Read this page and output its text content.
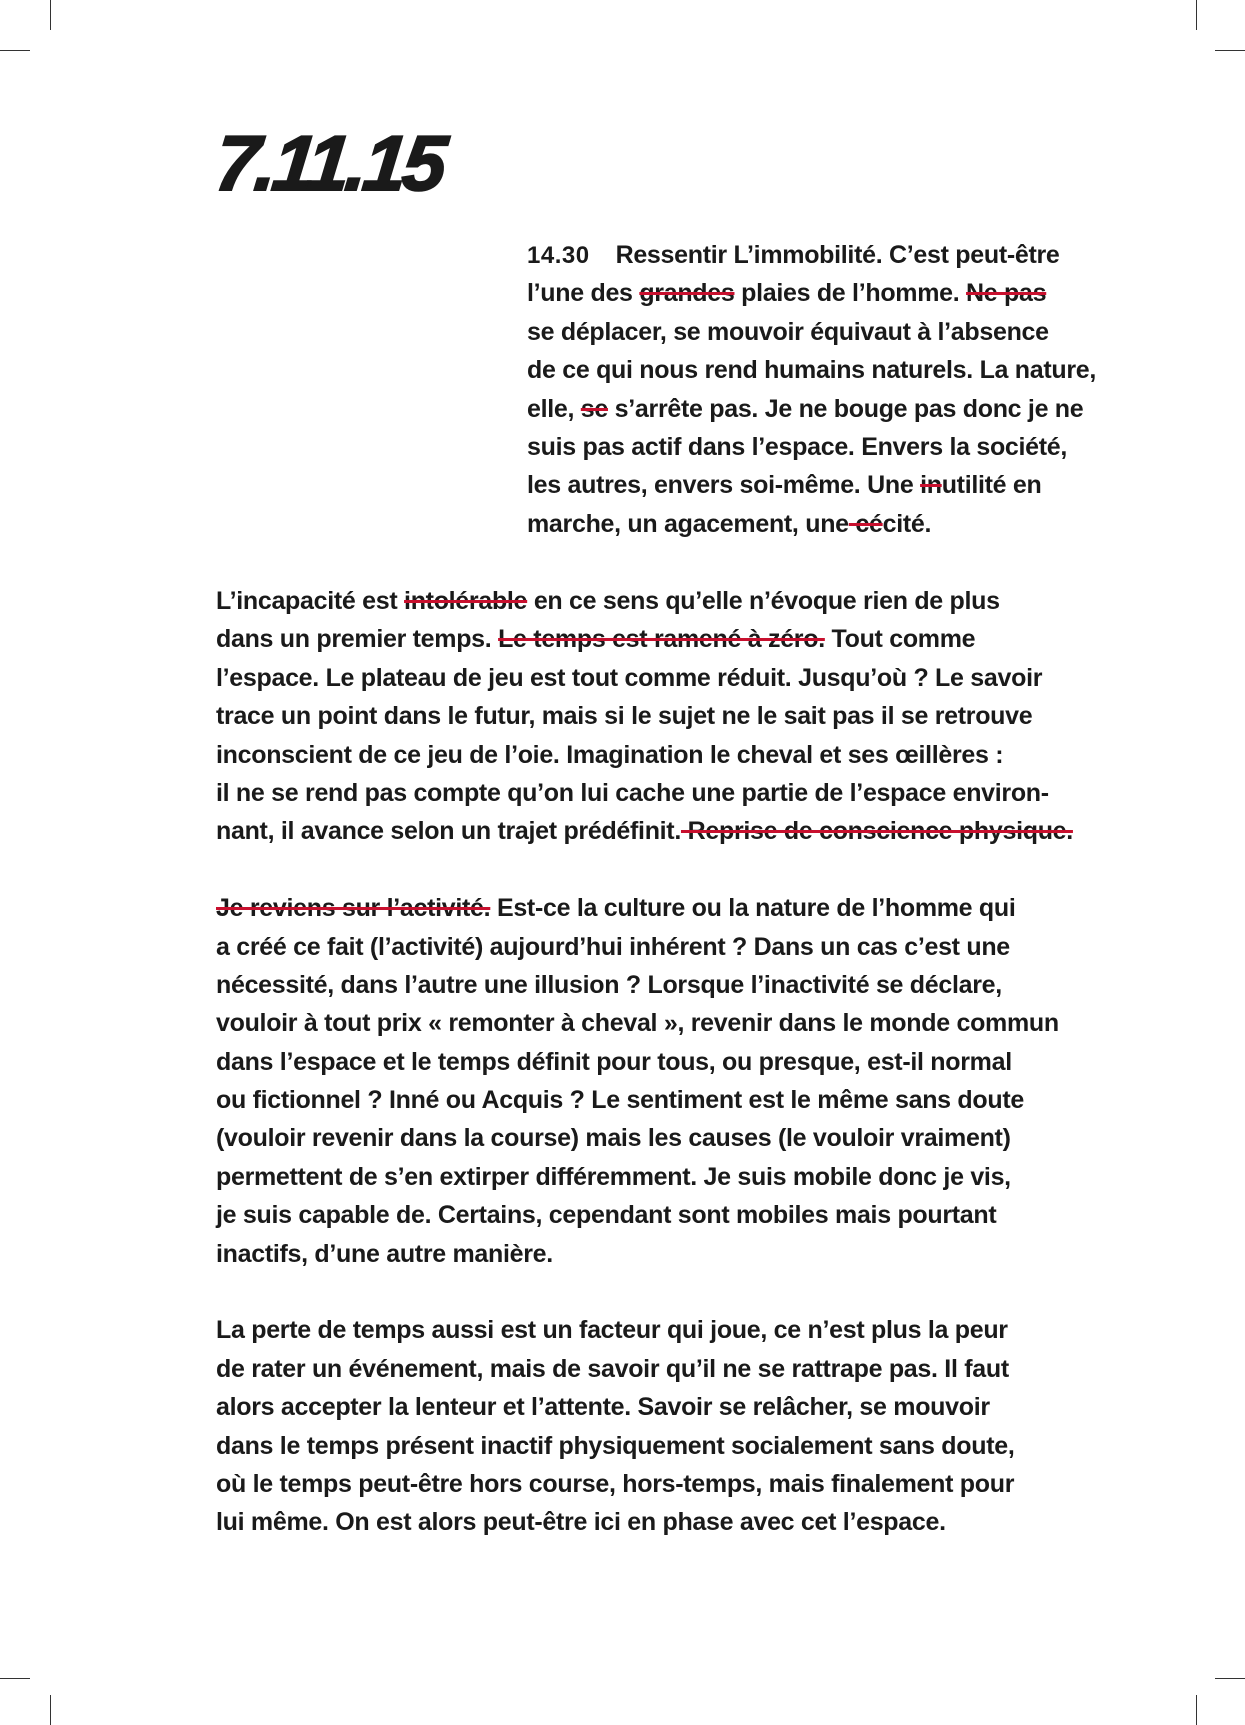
7.11.15
14.30 Ressentir L’immobilité. C’est peut-être
l’une des grandes plaies de l’homme. Ne pas
se déplacer, se mouvoir équivaut à l’absence
de ce qui nous rend humains naturels. La nature,
elle, se s’arrête pas. Je ne bouge pas donc je ne
suis pas actif dans l’espace. Envers la société,
les autres, envers soi-même. Une inutilité en
marche, un agacement, une cécité.
L’incapacité est intolérable en ce sens qu’elle n’évoque rien de plus
dans un premier temps. Le temps est ramené à zéro. Tout comme
l’espace. Le plateau de jeu est tout comme réduit. Jusqu’où ? Le savoir
trace un point dans le futur, mais si le sujet ne le sait pas il se retrouve
inconscient de ce jeu de l’oie. Imagination le cheval et ses œillères :
il ne se rend pas compte qu’on lui cache une partie de l’espace environ-
nant, il avance selon un trajet prédéfinit. Reprise de conscience physique.
Je reviens sur l’activité. Est-ce la culture ou la nature de l’homme qui
a créé ce fait (l’activité) aujourd’hui inhérent ? Dans un cas c’est une
nécessité, dans l’autre une illusion ? Lorsque l’inactivité se déclare,
vouloir à tout prix « remonter à cheval », revenir dans le monde commun
dans l’espace et le temps définit pour tous, ou presque, est-il normal
ou fictionnel ? Inné ou Acquis ? Le sentiment est le même sans doute
(vouloir revenir dans la course) mais les causes (le vouloir vraiment)
permettent de s’en extirper différemment. Je suis mobile donc je vis,
je suis capable de. Certains, cependant sont mobiles mais pourtant
inactifs, d’une autre manière.
La perte de temps aussi est un facteur qui joue, ce n’est plus la peur
de rater un événement, mais de savoir qu’il ne se rattrape pas. Il faut
alors accepter la lenteur et l’attente. Savoir se relâcher, se mouvoir
dans le temps présent inactif physiquement socialement sans doute,
où le temps peut-être hors course, hors-temps, mais finalement pour
lui même. On est alors peut-être ici en phase avec cet l’espace.
